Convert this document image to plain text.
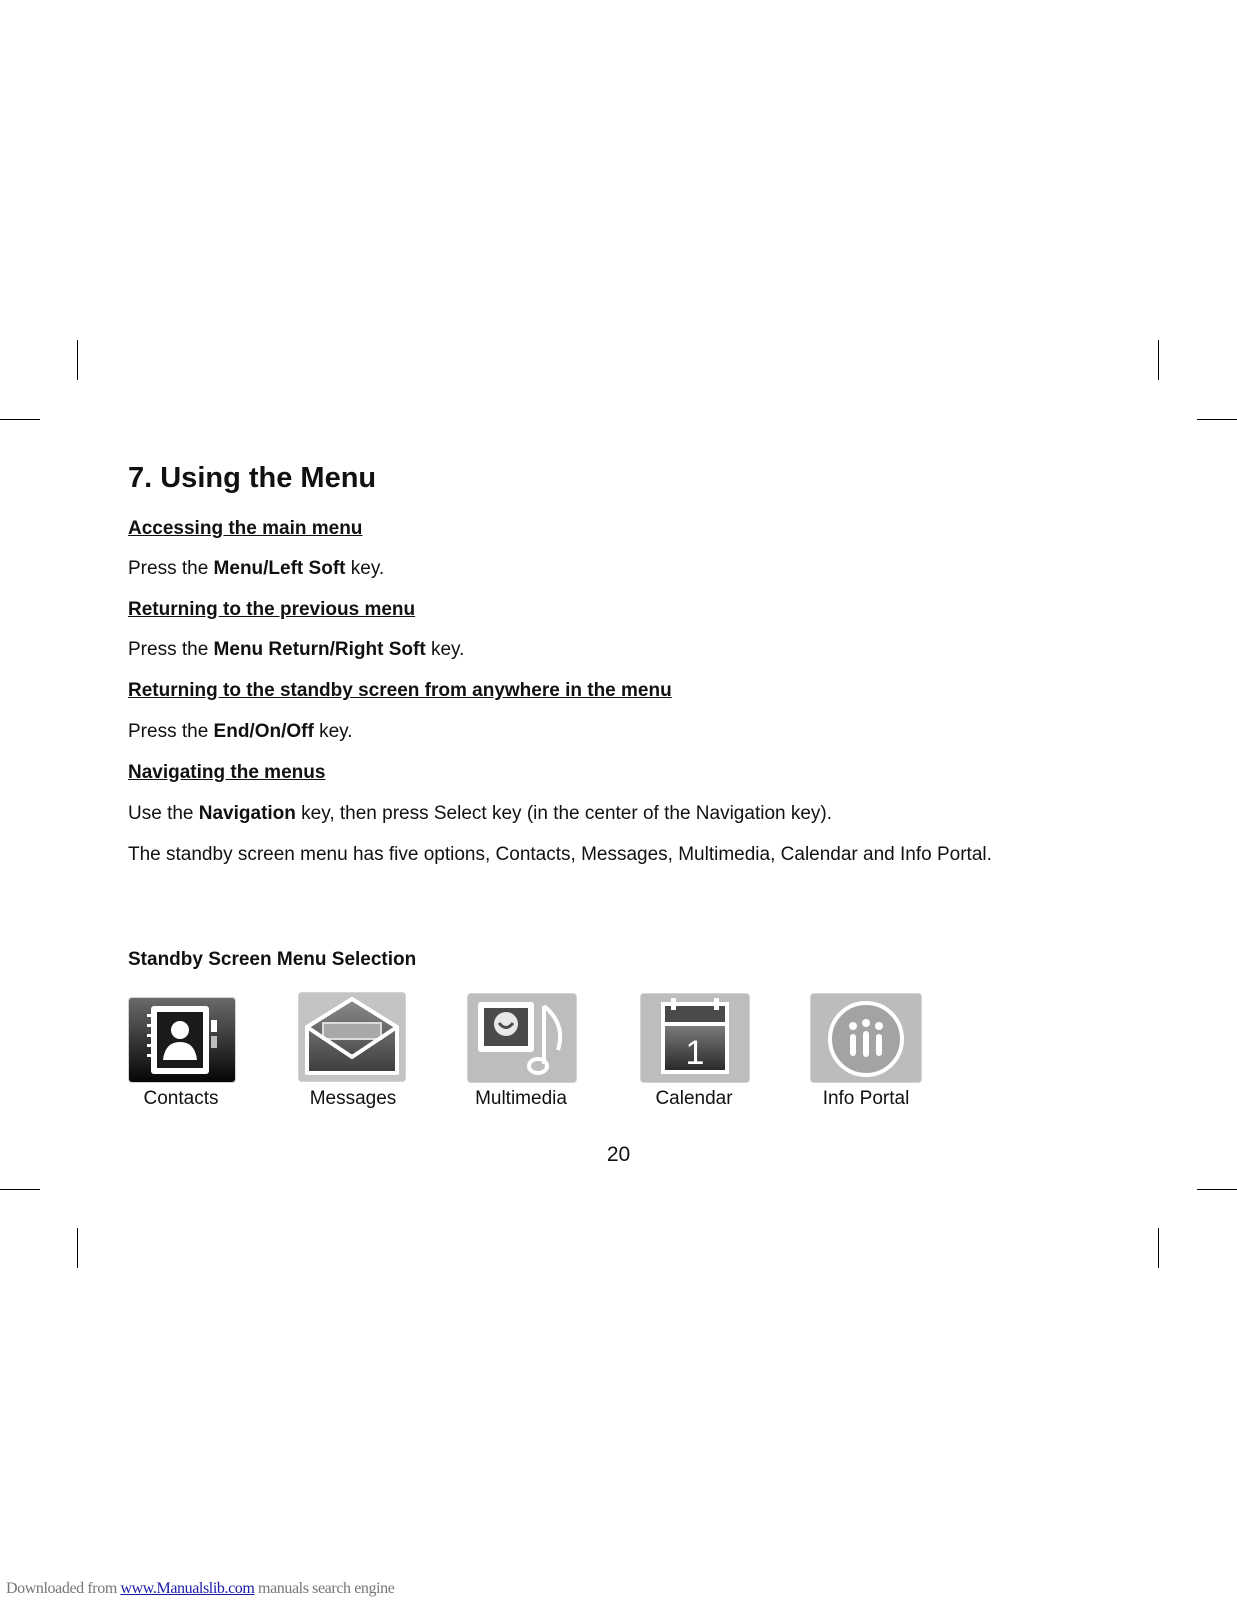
7. Using the Menu
Accessing the main menu
Press the Menu/Left Soft key.
Returning to the previous menu
Press the Menu Return/Right Soft key.
Returning to the standby screen from anywhere in the menu
Press the End/On/Off key.
Navigating the menus
Use the Navigation key, then press Select key (in the center of the Navigation key).
The standby screen menu has five options, Contacts, Messages, Multimedia, Calendar and Info Portal.
Standby Screen Menu Selection
1
Contacts	Messages	Multimedia	Calendar	Info Portal
20
Downloaded from www.Manualslib.com manuals search engine
